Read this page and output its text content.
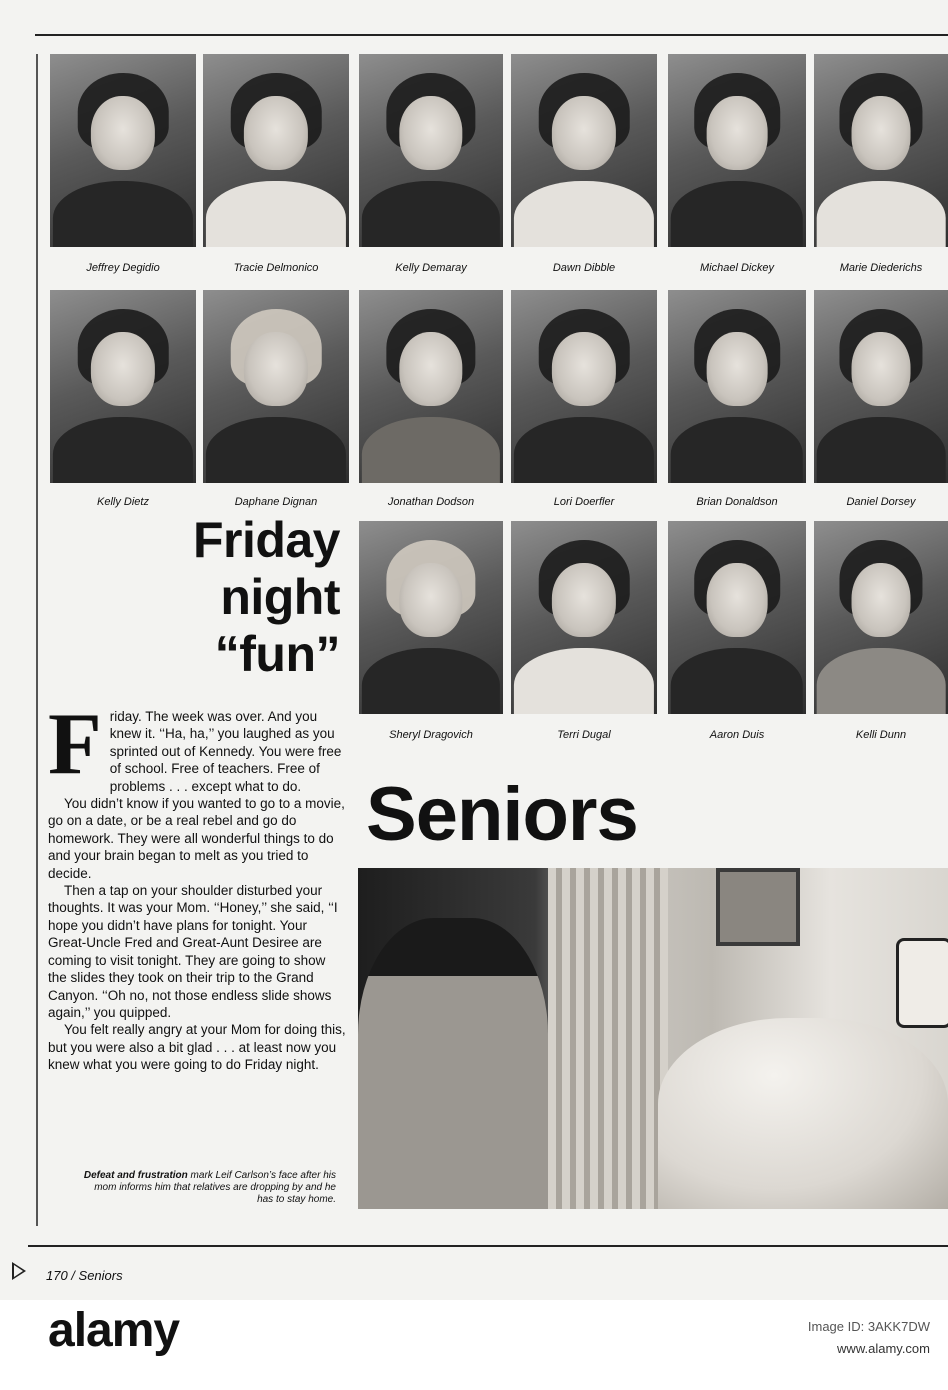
Jeffrey Degidio	Tracie Delmonico	Kelly Demaray	Dawn Dibble	Michael Dickey	Marie Diederichs
Kelly Dietz	Daphane Dignan	Jonathan Dodson	Lori Doerfler	Brian Donaldson	Daniel Dorsey
Sheryl Dragovich	Terri Dugal	Aaron Duis	Kelli Dunn
Friday
night
“fun”

Friday. The week was over. And you knew it. ‘‘Ha, ha,’’ you laughed as you sprinted out of Kennedy. You were free of school. Free of teachers. Free of problems . . . except what to do.

You didn’t know if you wanted to go to a movie, go on a date, or be a real rebel and go do homework. They were all wonderful things to do and your brain began to melt as you tried to decide.

Then a tap on your shoulder disturbed your thoughts. It was your Mom. ‘‘Honey,’’ she said, ‘‘I hope you didn’t have plans for tonight. Your Great-Uncle Fred and Great-Aunt Desiree are coming to visit tonight. They are going to show the slides they took on their trip to the Grand Canyon. ‘‘Oh no, not those endless slide shows again,’’ you quipped.

You felt really angry at your Mom for doing this, but you were also a bit glad . . . at least now you knew what you were going to do Friday night.

Defeat and frustration mark Leif Carlson’s face after his mom informs him that relatives are dropping by and he has to stay home.
Seniors
170 / Seniors
alamy	Image ID: 3AKK7DW
www.alamy.com
